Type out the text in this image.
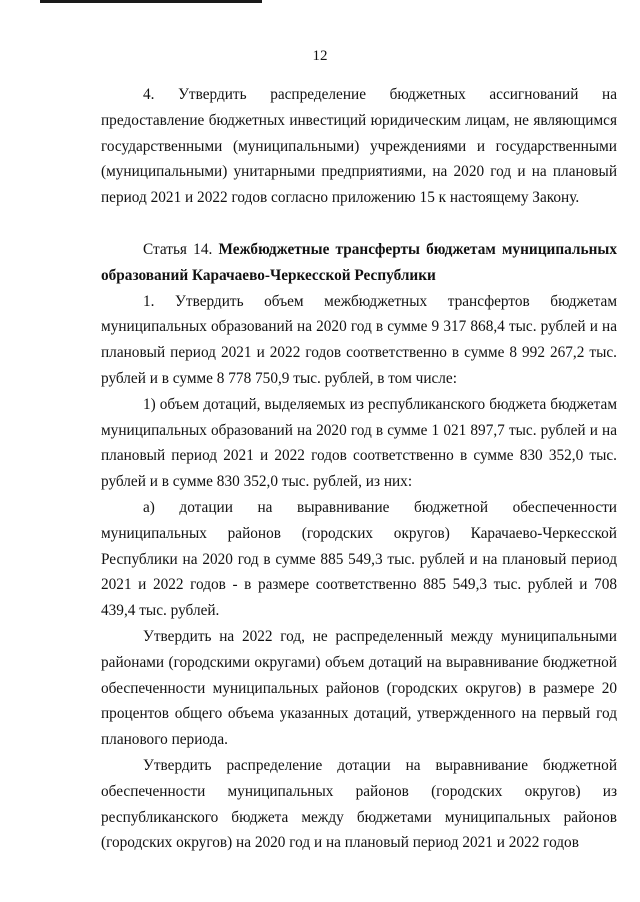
12

4. Утвердить распределение бюджетных ассигнований на предоставление бюджетных инвестиций юридическим лицам, не являющимся государственными (муниципальными) учреждениями и государственными (муниципальными) унитарными предприятиями, на 2020 год и на плановый период 2021 и 2022 годов согласно приложению 15 к настоящему Закону.

Статья 14. Межбюджетные трансферты бюджетам муниципальных образований Карачаево-Черкесской Республики

1. Утвердить объем межбюджетных трансфертов бюджетам муниципальных образований на 2020 год в сумме 9 317 868,4 тыс. рублей и на плановый период 2021 и 2022 годов соответственно в сумме 8 992 267,2 тыс. рублей и в сумме 8 778 750,9 тыс. рублей, в том числе:

1) объем дотаций, выделяемых из республиканского бюджета бюджетам муниципальных образований на 2020 год в сумме 1 021 897,7 тыс. рублей и на плановый период 2021 и 2022 годов соответственно в сумме 830 352,0 тыс. рублей и в сумме 830 352,0 тыс. рублей, из них:

а) дотации на выравнивание бюджетной обеспеченности муниципальных районов (городских округов) Карачаево-Черкесской Республики на 2020 год в сумме 885 549,3 тыс. рублей и на плановый период 2021 и 2022 годов - в размере соответственно 885 549,3 тыс. рублей и 708 439,4 тыс. рублей.

Утвердить на 2022 год, не распределенный между муниципальными районами (городскими округами) объем дотаций на выравнивание бюджетной обеспеченности муниципальных районов (городских округов) в размере 20 процентов общего объема указанных дотаций, утвержденного на первый год планового периода.

Утвердить распределение дотации на выравнивание бюджетной обеспеченности муниципальных районов (городских округов) из республиканского бюджета между бюджетами муниципальных районов (городских округов) на 2020 год и на плановый период 2021 и 2022 годов
